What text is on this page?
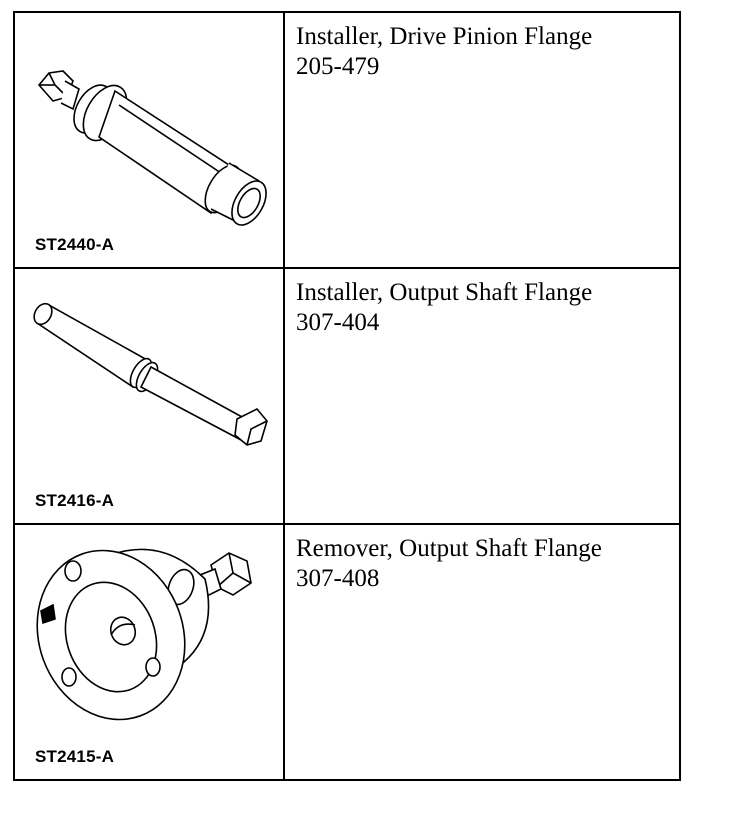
ST2440-A	Installer, Drive Pinion Flange
205-479

ST2416-A	Installer, Output Shaft Flange
307-404

ST2415-A	Remover, Output Shaft Flange
307-408
